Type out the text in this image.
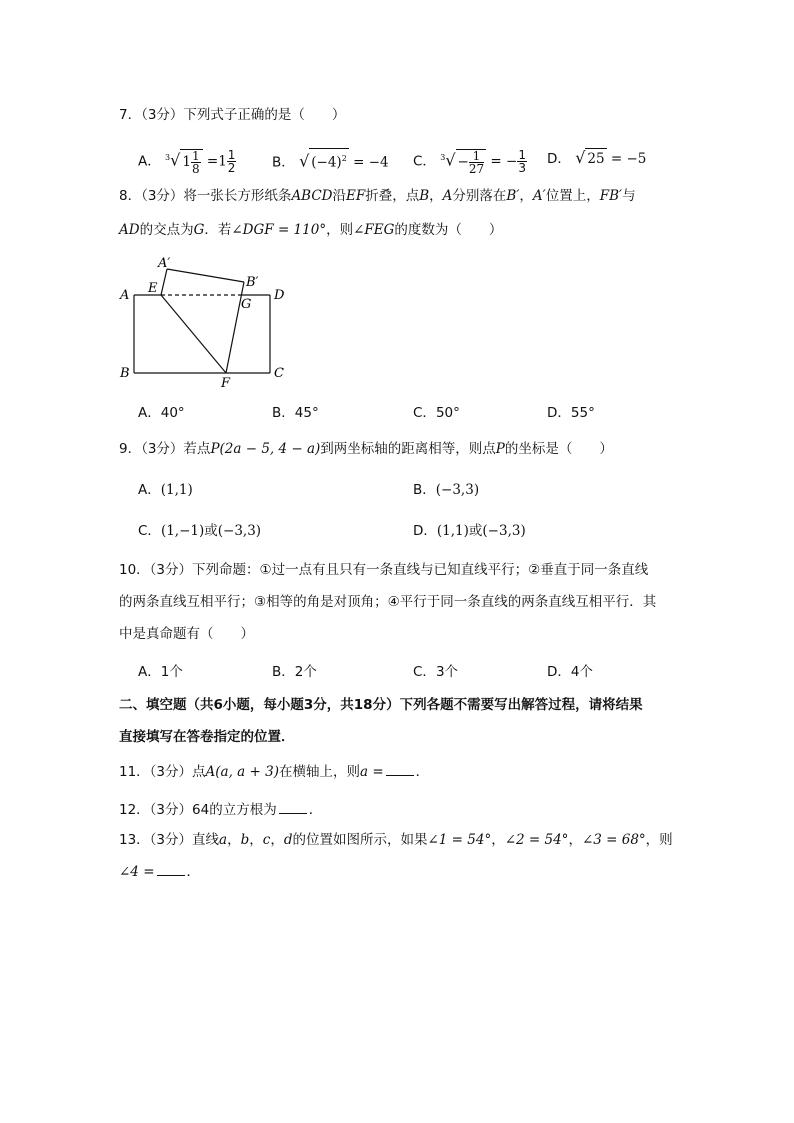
7．（3分）下列式子正确的是（　　）
A． $^3$√ $1 \frac{1}{8} =1 \frac{1}{2}$	B． √ $(-4)^2 = -4$ C． $^3√ - \frac{1}{27}$ = − $\frac{1}{3}$ D． √ 25 = −5
8．（3分）将一张长方形纸条ABCD沿EF折叠，点B，A分别落在B′，A′位置上，FB′与
AD的交点为G．若∠DGF = 110°，则∠FEG的度数为（　　）
A′
B′
A E
G
D
B
F
C
A．40°	B．45°	C．50°	D．55°
9．（3分）若点P(2a − 5, 4 − a)到两坐标轴的距离相等，则点P的坐标是（　　）
A．(1,1)	B．(−3,3)
C．(1,−1)或(−3,3)	D．(1,1)或(−3,3)
10．（3分）下列命题：①过一点有且只有一条直线与已知直线平行；②垂直于同一条直线
的两条直线互相平行；③相等的角是对顶角；④平行于同一条直线的两条直线互相平行．其
中是真命题有（　　）
A．1个	B．2个	C．3个	D．4个
二、填空题（共6小题，每小题3分，共18分）下列各题不需要写出解答过程，请将结果
直接填写在答卷指定的位置．
11．（3分）点A(a, a + 3)在横轴上，则a = ．
12．（3分）64的立方根为 ．
13．（3分）直线a，b，c，d的位置如图所示，如果∠1 = 54°，∠2 = 54°，∠3 = 68°，则
∠4 = ．
